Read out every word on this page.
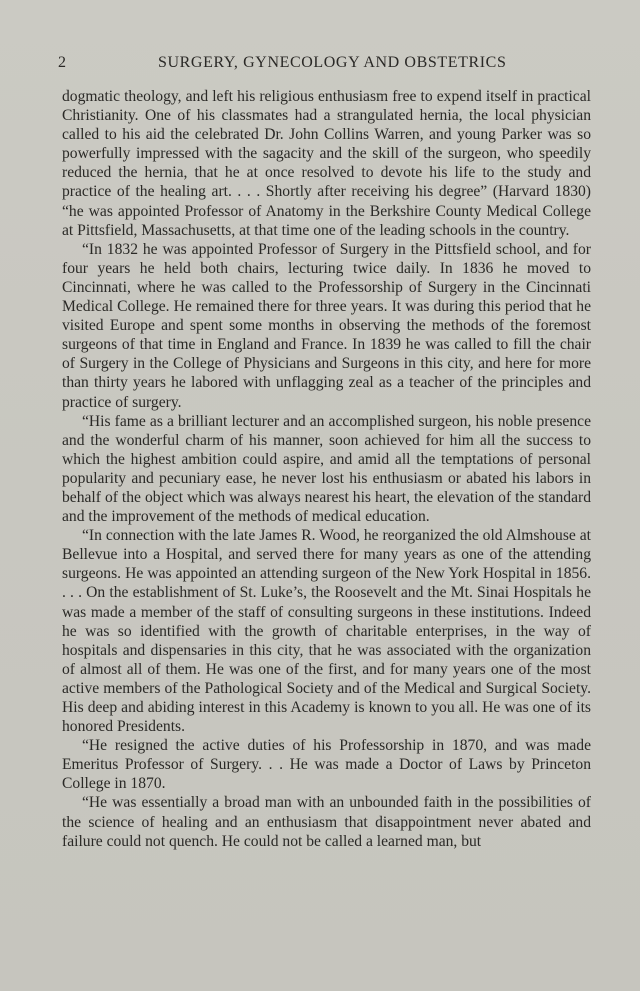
2	SURGERY, GYNECOLOGY AND OBSTETRICS

dogmatic theology, and left his religious enthusiasm free to expend itself in practical Christianity. One of his classmates had a strangulated hernia, the local physician called to his aid the celebrated Dr. John Collins Warren, and young Parker was so powerfully impressed with the sagacity and the skill of the surgeon, who speedily reduced the hernia, that he at once resolved to devote his life to the study and practice of the healing art. . . . Shortly after receiving his degree” (Harvard 1830) “he was appointed Professor of Anatomy in the Berkshire County Medical College at Pittsfield, Massachusetts, at that time one of the leading schools in the country.

“In 1832 he was appointed Professor of Surgery in the Pittsfield school, and for four years he held both chairs, lecturing twice daily. In 1836 he moved to Cincinnati, where he was called to the Professorship of Surgery in the Cincinnati Medical College. He remained there for three years. It was during this period that he visited Europe and spent some months in observing the methods of the foremost surgeons of that time in England and France. In 1839 he was called to fill the chair of Surgery in the College of Physicians and Surgeons in this city, and here for more than thirty years he labored with unflagging zeal as a teacher of the principles and practice of surgery.

“His fame as a brilliant lecturer and an accomplished surgeon, his noble presence and the wonderful charm of his manner, soon achieved for him all the success to which the highest ambition could aspire, and amid all the temptations of personal popularity and pecuniary ease, he never lost his enthusiasm or abated his labors in behalf of the object which was always nearest his heart, the elevation of the standard and the improvement of the methods of medical education.

“In connection with the late James R. Wood, he reorganized the old Almshouse at Bellevue into a Hospital, and served there for many years as one of the attending surgeons. He was appointed an attending surgeon of the New York Hospital in 1856. . . . On the establishment of St. Luke’s, the Roosevelt and the Mt. Sinai Hospitals he was made a member of the staff of consulting surgeons in these institutions. Indeed he was so identified with the growth of charitable enterprises, in the way of hospitals and dispensaries in this city, that he was associated with the organization of almost all of them. He was one of the first, and for many years one of the most active members of the Pathological Society and of the Medical and Surgical Society. His deep and abiding interest in this Academy is known to you all. He was one of its honored Presidents.

“He resigned the active duties of his Professorship in 1870, and was made Emeritus Professor of Surgery. . . He was made a Doctor of Laws by Princeton College in 1870.

“He was essentially a broad man with an unbounded faith in the possibilities of the science of healing and an enthusiasm that disappointment never abated and failure could not quench. He could not be called a learned man, but
